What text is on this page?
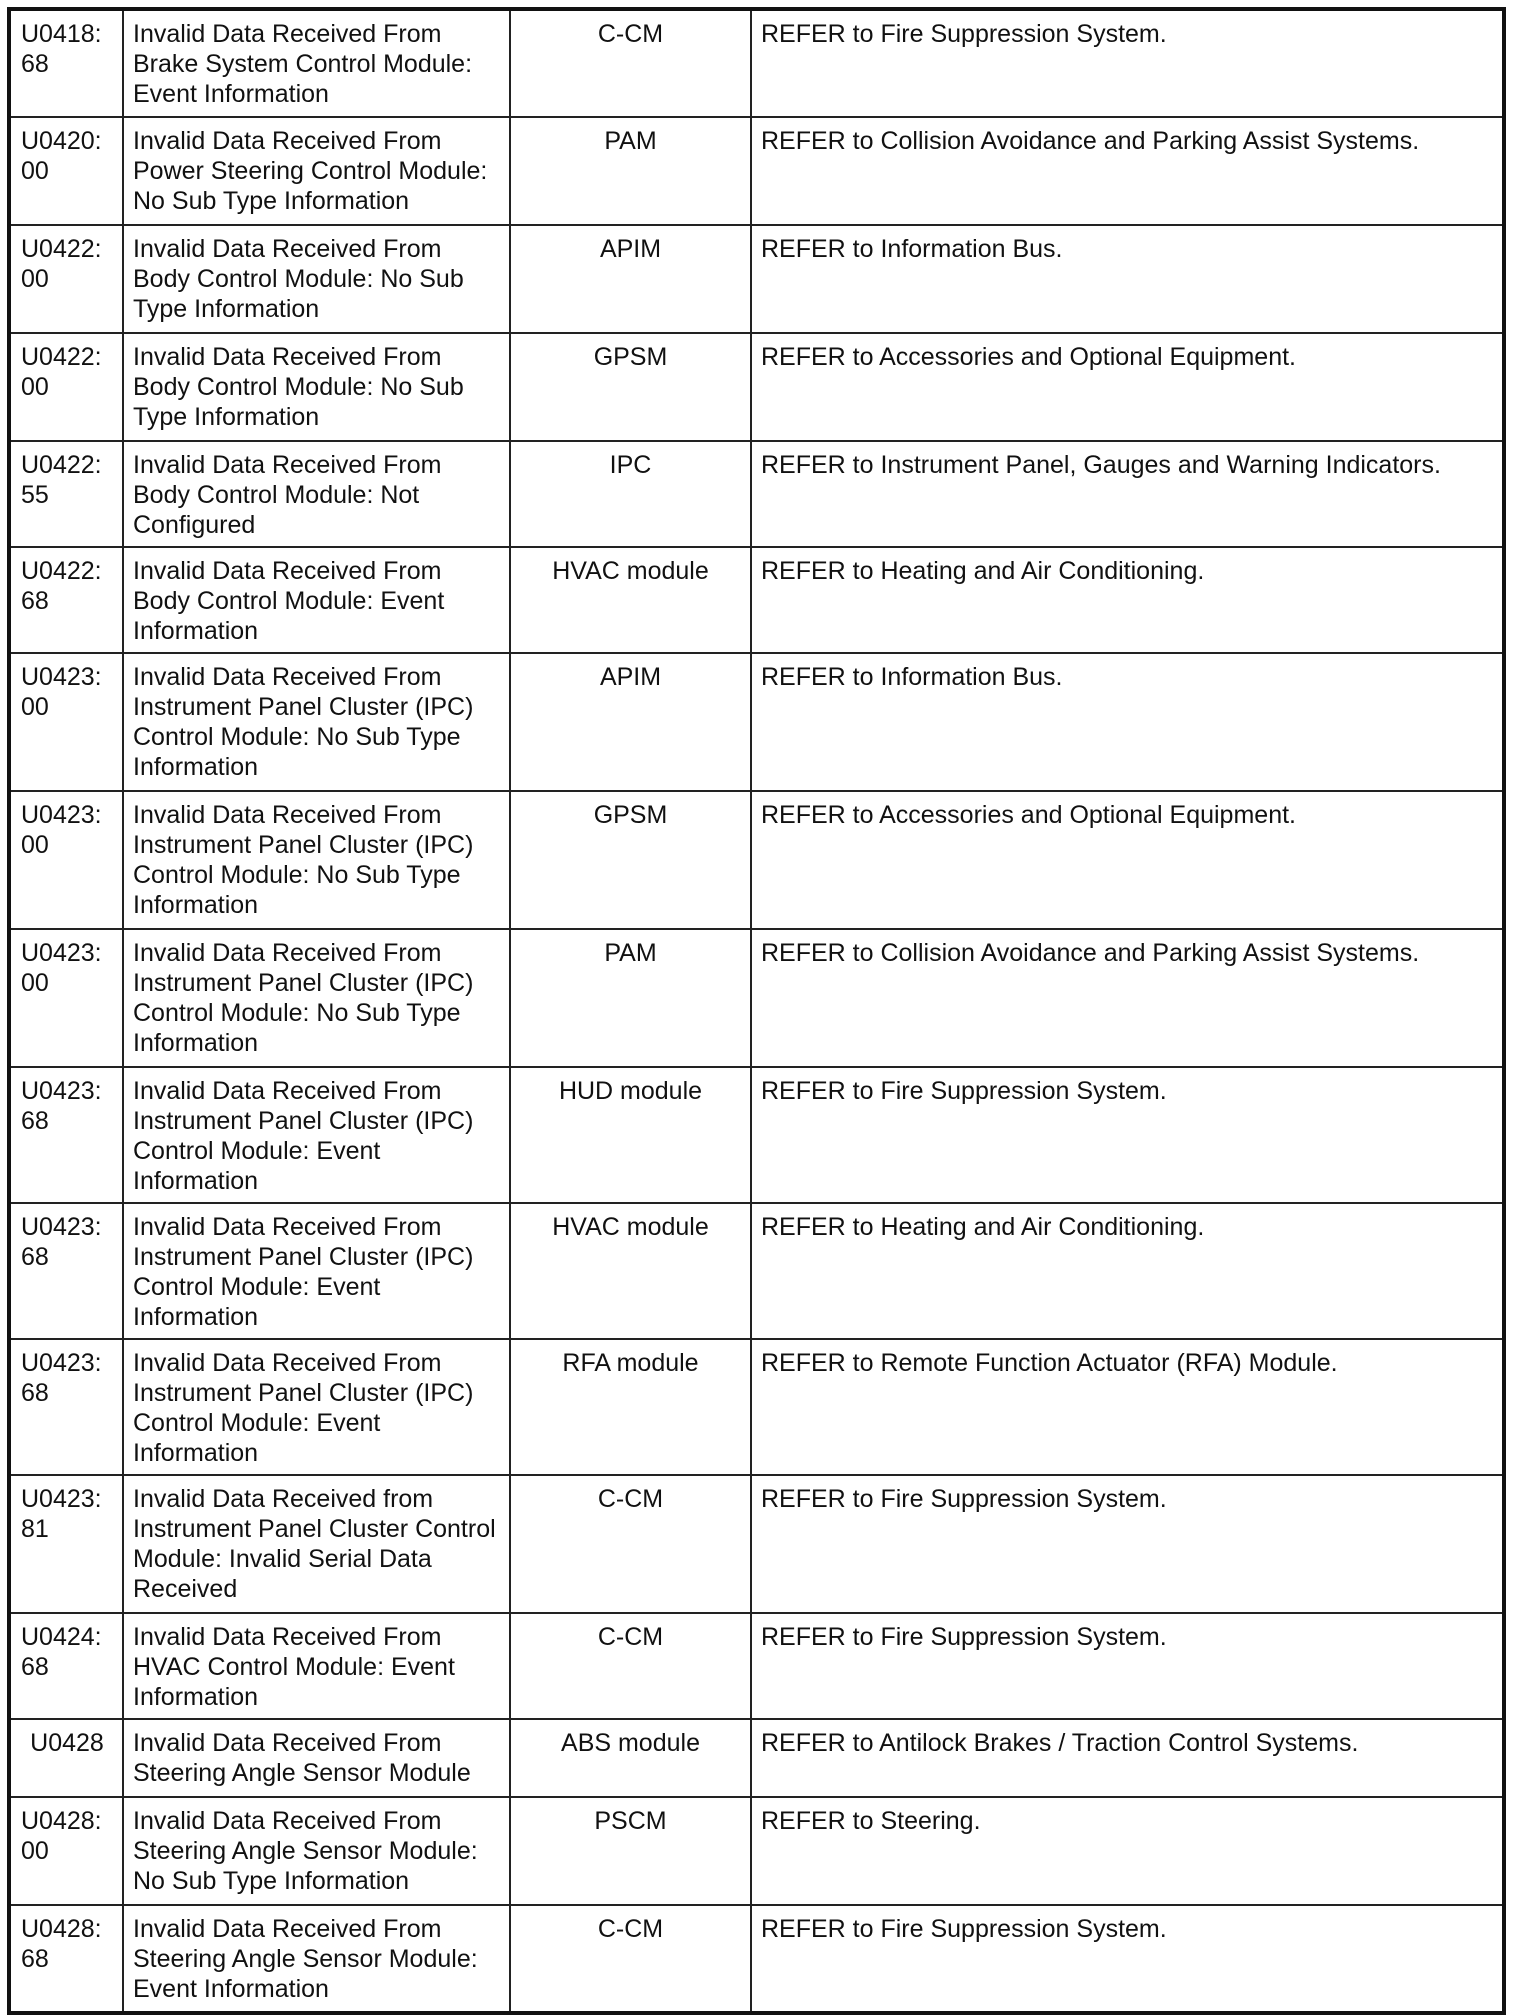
U0418:68	Invalid Data Received From Brake System Control Module: Event Information	C-CM	REFER to Fire Suppression System.
U0420:00	Invalid Data Received From Power Steering Control Module: No Sub Type Information	PAM	REFER to Collision Avoidance and Parking Assist Systems.
U0422:00	Invalid Data Received From Body Control Module: No Sub Type Information	APIM	REFER to Information Bus.
U0422:00	Invalid Data Received From Body Control Module: No Sub Type Information	GPSM	REFER to Accessories and Optional Equipment.
U0422:55	Invalid Data Received From Body Control Module: Not Configured	IPC	REFER to Instrument Panel, Gauges and Warning Indicators.
U0422:68	Invalid Data Received From Body Control Module: Event Information	HVAC module	REFER to Heating and Air Conditioning.
U0423:00	Invalid Data Received From Instrument Panel Cluster (IPC) Control Module: No Sub Type Information	APIM	REFER to Information Bus.
U0423:00	Invalid Data Received From Instrument Panel Cluster (IPC) Control Module: No Sub Type Information	GPSM	REFER to Accessories and Optional Equipment.
U0423:00	Invalid Data Received From Instrument Panel Cluster (IPC) Control Module: No Sub Type Information	PAM	REFER to Collision Avoidance and Parking Assist Systems.
U0423:68	Invalid Data Received From Instrument Panel Cluster (IPC) Control Module: Event Information	HUD module	REFER to Fire Suppression System.
U0423:68	Invalid Data Received From Instrument Panel Cluster (IPC) Control Module: Event Information	HVAC module	REFER to Heating and Air Conditioning.
U0423:68	Invalid Data Received From Instrument Panel Cluster (IPC) Control Module: Event Information	RFA module	REFER to Remote Function Actuator (RFA) Module.
U0423:81	Invalid Data Received from Instrument Panel Cluster Control Module: Invalid Serial Data Received	C-CM	REFER to Fire Suppression System.
U0424:68	Invalid Data Received From HVAC Control Module: Event Information	C-CM	REFER to Fire Suppression System.
U0428	Invalid Data Received From Steering Angle Sensor Module	ABS module	REFER to Antilock Brakes / Traction Control Systems.
U0428:00	Invalid Data Received From Steering Angle Sensor Module: No Sub Type Information	PSCM	REFER to Steering.
U0428:68	Invalid Data Received From Steering Angle Sensor Module: Event Information	C-CM	REFER to Fire Suppression System.
